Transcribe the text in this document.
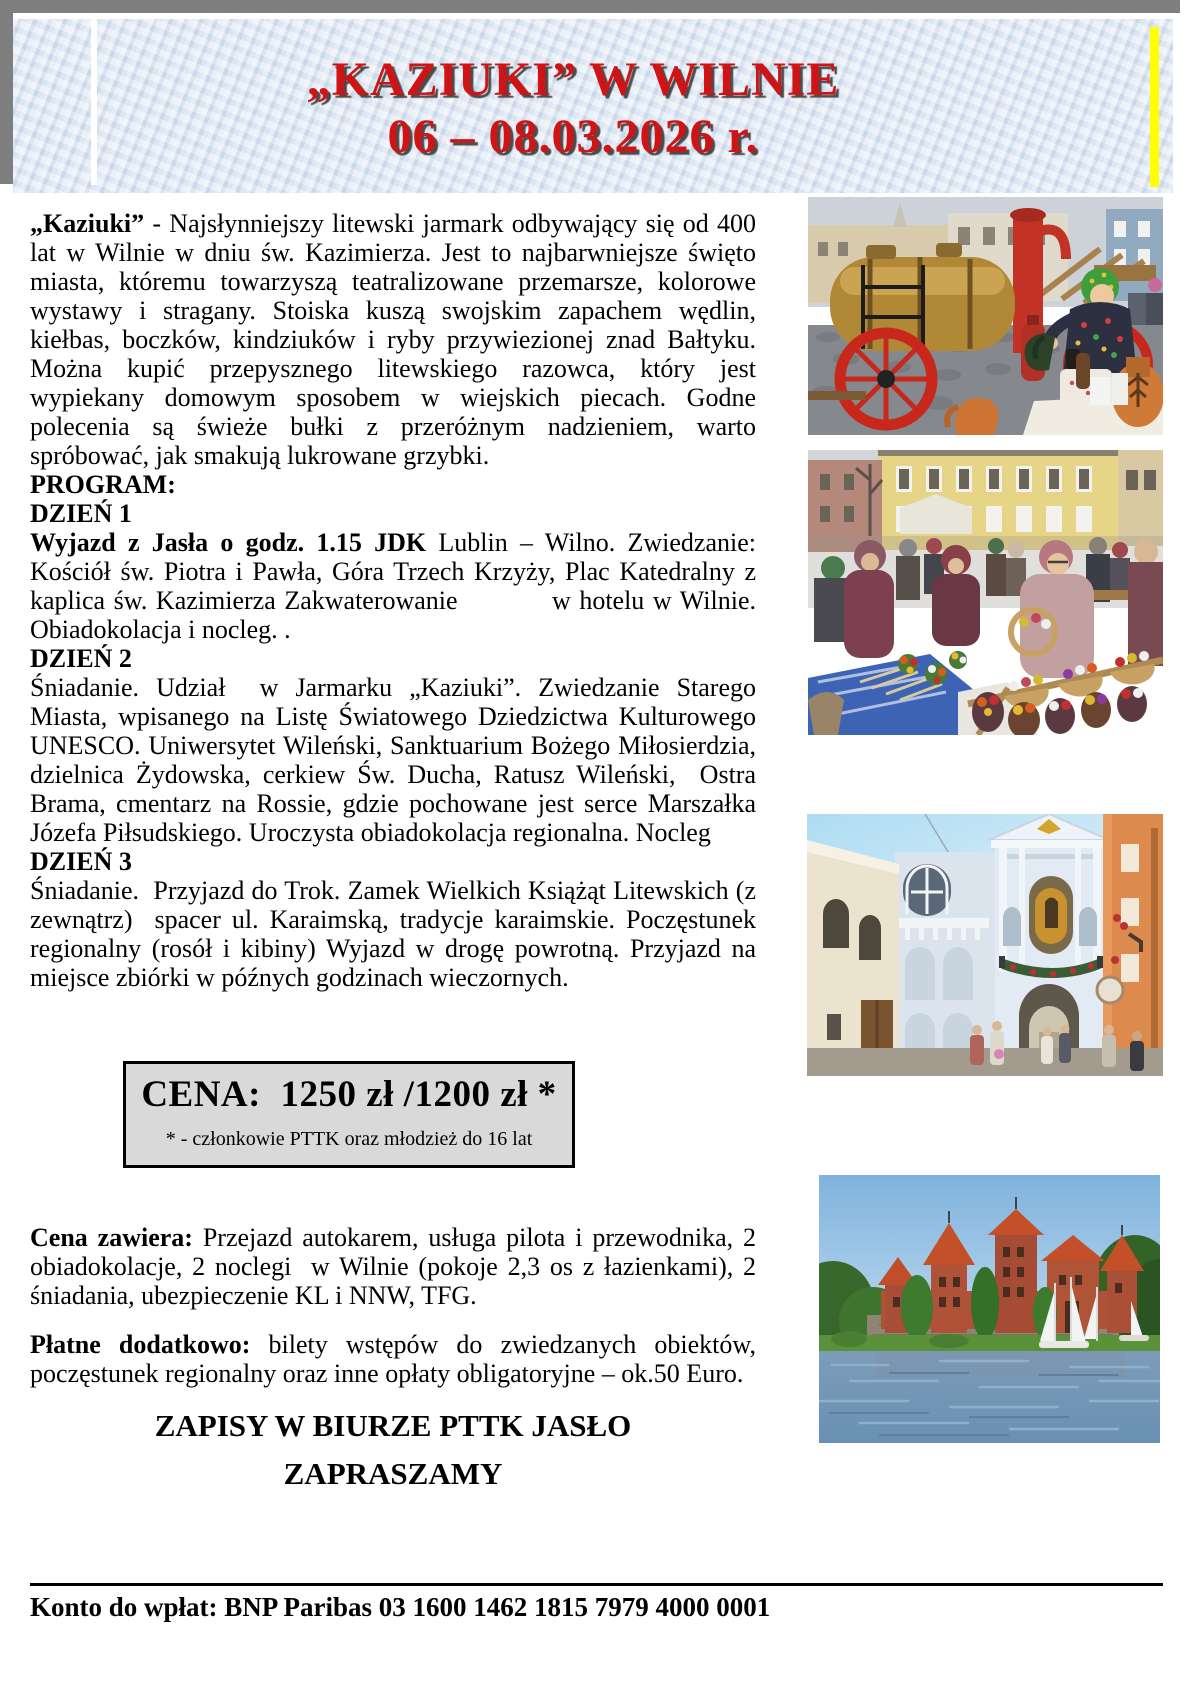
„KAZIUKI” W WILNIE
06 – 08.03.2026 r.

„Kaziuki” - Najsłynniejszy litewski jarmark odbywający się od 400 lat w Wilnie w dniu św. Kazimierza. Jest to najbarwniejsze święto miasta, któremu towarzyszą teatralizowane przemarsze, kolorowe wystawy i stragany. Stoiska kuszą swojskim zapachem wędlin, kiełbas, boczków, kindziuków i ryby przywiezionej znad Bałtyku. Można kupić przepysznego litewskiego razowca, który jest wypiekany domowym sposobem w wiejskich piecach. Godne polecenia są świeże bułki z przeróżnym nadzieniem, warto spróbować, jak smakują lukrowane grzybki.

PROGRAM:

DZIEŃ 1

Wyjazd z Jasła o godz. 1.15 JDK Lublin – Wilno. Zwiedzanie: Kościół św. Piotra i Pawła, Góra Trzech Krzyży, Plac Katedralny z kaplica św. Kazimierza Zakwaterowanie           w hotelu w Wilnie. Obiadokolacja i nocleg. .

DZIEŃ 2

Śniadanie. Udział  w Jarmarku „Kaziuki”. Zwiedzanie Starego Miasta, wpisanego na Listę Światowego Dziedzictwa Kulturowego UNESCO. Uniwersytet Wileński, Sanktuarium Bożego Miłosierdzia, dzielnica Żydowska, cerkiew Św. Ducha, Ratusz Wileński,  Ostra Brama, cmentarz na Rossie, gdzie pochowane jest serce Marszałka Józefa Piłsudskiego. Uroczysta obiadokolacja regionalna. Nocleg

DZIEŃ 3

Śniadanie.  Przyjazd do Trok. Zamek Wielkich Książąt Litewskich (z zewnątrz)  spacer ul. Karaimską, tradycje karaimskie. Poczęstunek regionalny (rosół i kibiny) Wyjazd w drogę powrotną. Przyjazd na miejsce zbiórki w późnych godzinach wieczornych.

CENA:  1250 zł /1200 zł *
* - członkowie PTTK oraz młodzież do 16 lat

Cena zawiera: Przejazd autokarem, usługa pilota i przewodnika, 2 obiadokolacje, 2 noclegi  w Wilnie (pokoje 2,3 os z łazienkami), 2 śniadania, ubezpieczenie KL i NNW, TFG.

Płatne dodatkowo: bilety wstępów do zwiedzanych obiektów, poczęstunek regionalny oraz inne opłaty obligatoryjne – ok.50 Euro.

ZAPISY W BIURZE PTTK JASŁO
ZAPRASZAMY
Konto do wpłat: BNP Paribas 03 1600 1462 1815 7979 4000 0001
